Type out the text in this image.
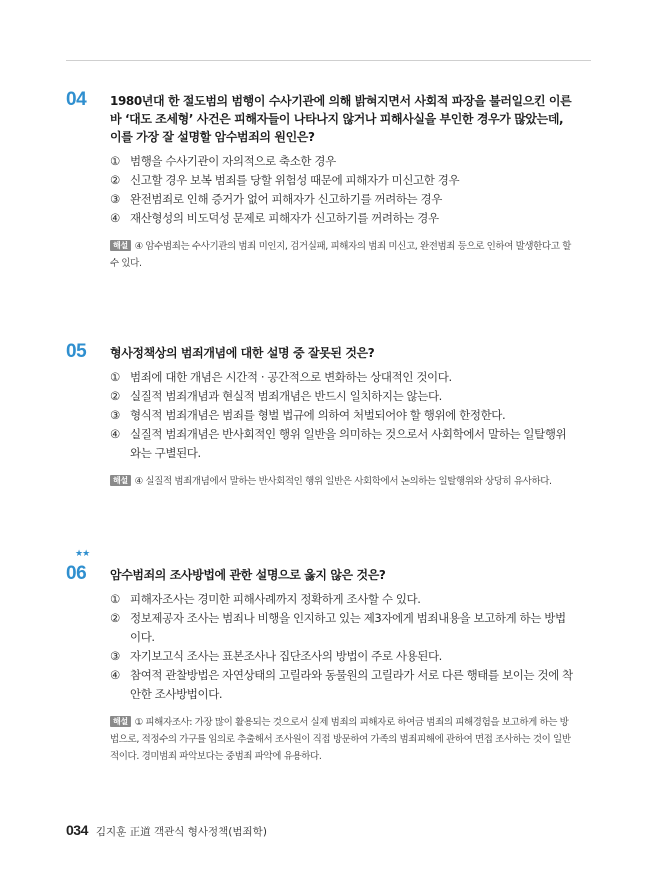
04 1980년대 한 절도범의 범행이 수사기관에 의해 밝혀지면서 사회적 파장을 불러일으킨 이른바 ‘대도 조세형’ 사건은 피해자들이 나타나지 않거나 피해사실을 부인한 경우가 많았는데, 이를 가장 잘 설명할 암수범죄의 원인은?
① 범행을 수사기관이 자의적으로 축소한 경우
② 신고할 경우 보복 범죄를 당할 위험성 때문에 피해자가 미신고한 경우
③ 완전범죄로 인해 증거가 없어 피해자가 신고하기를 꺼려하는 경우
④ 재산형성의 비도덕성 문제로 피해자가 신고하기를 꺼려하는 경우
해설 ④ 암수범죄는 수사기관의 범죄 미인지, 검거실패, 피해자의 범죄 미신고, 완전범죄 등으로 인하여 발생한다고 할 수 있다.
05 형사정책상의 범죄개념에 대한 설명 중 잘못된 것은?
① 범죄에 대한 개념은 시간적 · 공간적으로 변화하는 상대적인 것이다.
② 실질적 범죄개념과 현실적 범죄개념은 반드시 일치하지는 않는다.
③ 형식적 범죄개념은 범죄를 형벌 법규에 의하여 처벌되어야 할 행위에 한정한다.
④ 실질적 범죄개념은 반사회적인 행위 일반을 의미하는 것으로서 사회학에서 말하는 일탈행위와는 구별된다.
해설 ④ 실질적 범죄개념에서 말하는 반사회적인 행위 일반은 사회학에서 논의하는 일탈행위와 상당히 유사하다.
★★
06 암수범죄의 조사방법에 관한 설명으로 옳지 않은 것은?
① 피해자조사는 경미한 피해사례까지 정확하게 조사할 수 있다.
② 정보제공자 조사는 범죄나 비행을 인지하고 있는 제3자에게 범죄내용을 보고하게 하는 방법이다.
③ 자기보고식 조사는 표본조사나 집단조사의 방법이 주로 사용된다.
④ 참여적 관찰방법은 자연상태의 고릴라와 동물원의 고릴라가 서로 다른 행태를 보이는 것에 착안한 조사방법이다.
해설 ① 피해자조사: 가장 많이 활용되는 것으로서 실제 범죄의 피해자로 하여금 범죄의 피해경험을 보고하게 하는 방법으로, 적정수의 가구를 임의로 추출해서 조사원이 직접 방문하여 가족의 범죄피해에 관하여 면접 조사하는 것이 일반적이다. 경미범죄 파악보다는 중범죄 파악에 유용하다.
034 김지훈 正道 객관식 형사정책(범죄학)
